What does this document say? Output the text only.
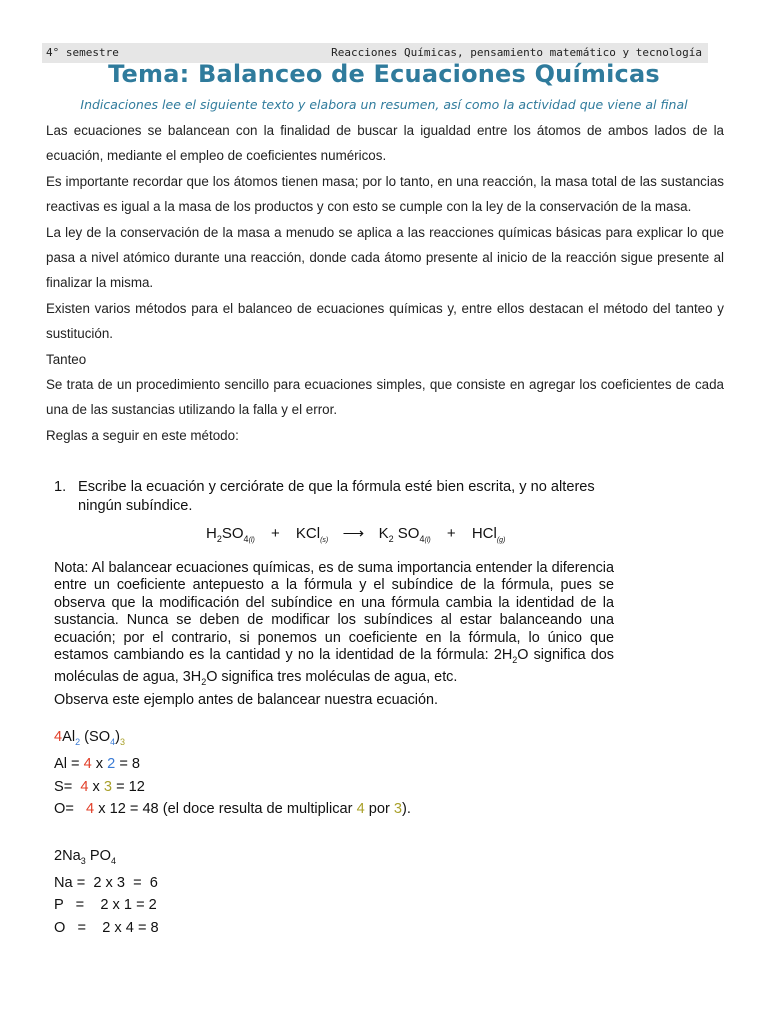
4° semestre	Reacciones Químicas, pensamiento matemático y tecnología
Tema: Balanceo de Ecuaciones Químicas
Indicaciones lee el siguiente texto y elabora un resumen, así como la actividad que viene al final

Las ecuaciones se balancean con la finalidad de buscar la igualdad entre los átomos de ambos lados de la ecuación, mediante el empleo de coeficientes numéricos.

Es importante recordar que los átomos tienen masa; por lo tanto, en una reacción, la masa total de las sustancias reactivas es igual a la masa de los productos y con esto se cumple con la ley de la conservación de la masa.

La ley de la conservación de la masa a menudo se aplica a las reacciones químicas básicas para explicar lo que pasa a nivel atómico durante una reacción, donde cada átomo presente al inicio de la reacción sigue presente al finalizar la misma.

Existen varios métodos para el balanceo de ecuaciones químicas y, entre ellos destacan el método del tanteo y sustitución.

Tanteo

Se trata de un procedimiento sencillo para ecuaciones simples, que consiste en agregar los coeficientes de cada una de las sustancias utilizando la falla y el error.

Reglas a seguir en este método:

1. Escribe la ecuación y cerciórate de que la fórmula esté bien escrita, y no alteres
ningún subíndice.
$H_2SO_{4(l)} + KCl_{(s)}$ ⟶ $K_2$ $SO_{4(l)} + HCl_{(g)}$

Nota: Al balancear ecuaciones químicas, es de suma importancia entender la diferencia entre un coeficiente antepuesto a la fórmula y el subíndice de la fórmula, pues se observa que la modificación del subíndice en una fórmula cambia la identidad de la sustancia. Nunca se deben de modificar los subíndices al estar balanceando una ecuación; por el contrario, si ponemos un coeficiente en la fórmula, lo único que estamos cambiando es la cantidad y no la identidad de la fórmula: $2H_2O$ significa dos moléculas de agua, $3H_2O$ significa tres moléculas de agua, etc.

Observa este ejemplo antes de balancear nuestra ecuación.

$4Al_2$ $(SO_4)_3$
Al = 4 x 2 = 8
S=  4 x 3 = 12
O=   4 x 12 = 48 (el doce resulta de multiplicar 4 por 3).
$2Na_3$ $PO_4$
Na =  2 x 3  =  6
P   =    2 x 1 = 2
O   =    2 x 4 = 8
